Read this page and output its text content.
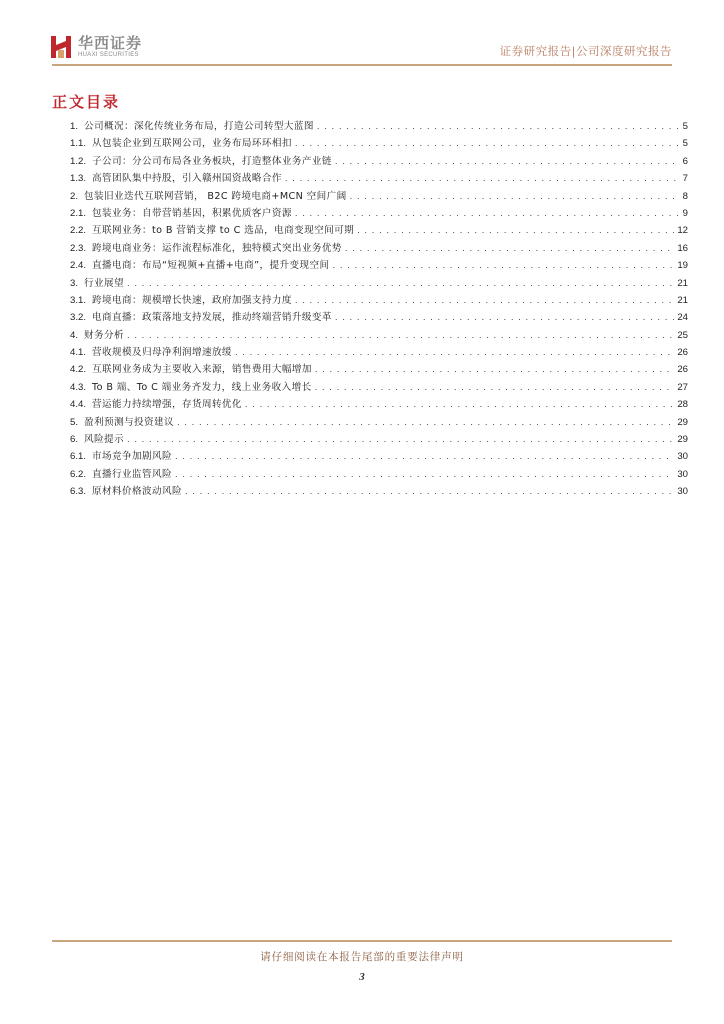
华西证券
HUAXI SECURITIES	证券研究报告|公司深度研究报告
正文目录
1. 公司概况：深化传统业务布局，打造公司转型大蓝图 . . .	5
1.1. 从包装企业到互联网公司，业务布局环环相扣 . . .	5
1.2. 子公司：分公司布局各业务板块，打造整体业务产业链 . . .	6
1.3. 高管团队集中持股，引入赣州国资战略合作 . . .	7
2. 包装旧业迭代互联网营销， B2C 跨境电商+MCN 空间广阔 . . .	8
2.1. 包装业务：自带营销基因，积累优质客户资源 . . .	9
2.2. 互联网业务：to B 营销支撑 to C 选品，电商变现空间可期 . . .	12
2.3. 跨境电商业务：运作流程标准化，独特模式突出业务优势 . . .	16
2.4. 直播电商：布局“短视频+直播+电商”，提升变现空间 . . .	19
3. 行业展望 . . .	21
3.1. 跨境电商：规模增长快速，政府加强支持力度 . . .	21
3.2. 电商直播：政策落地支持发展，推动终端营销升级变革 . . .	24
4. 财务分析 . . .	25
4.1. 营收规模及归母净利润增速放缓 . . .	26
4.2. 互联网业务成为主要收入来源，销售费用大幅增加 . . .	26
4.3. To B 端、To C 端业务齐发力，线上业务收入增长 . . .	27
4.4. 营运能力持续增强，存货周转优化 . . .	28
5. 盈利预测与投资建议 . . .	29
6. 风险提示 . . .	29
6.1. 市场竞争加剧风险 . . .	30
6.2. 直播行业监管风险 . . .	30
6.3. 原材料价格波动风险 . . .	30
请仔细阅读在本报告尾部的重要法律声明
3
